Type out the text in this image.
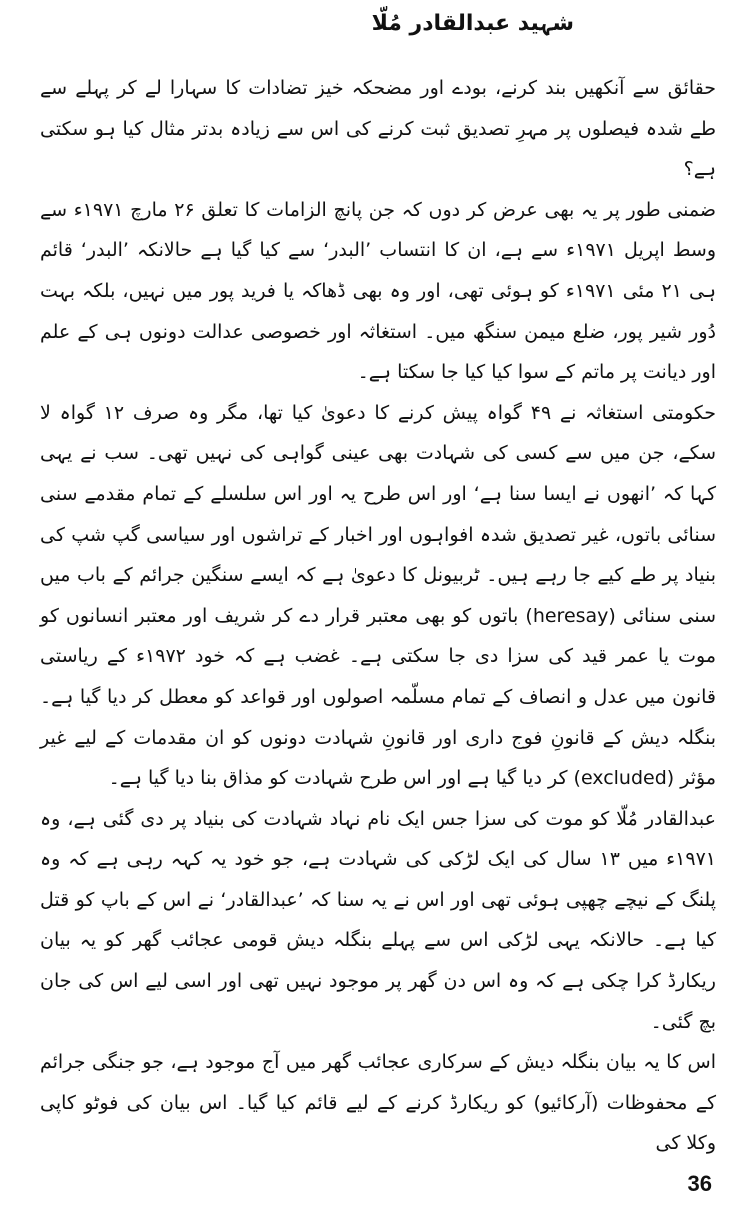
شہید عبدالقادر مُلّا

حقائق سے آنکھیں بند کرنے، بودے اور مضحکہ خیز تضادات کا سہارا لے کر پہلے سے طے شدہ فیصلوں پر مہرِ تصدیق ثبت کرنے کی اس سے زیادہ بدتر مثال کیا ہو سکتی ہے؟

ضمنی طور پر یہ بھی عرض کر دوں کہ جن پانچ الزامات کا تعلق ۲۶ مارچ ۱۹۷۱ء سے وسط اپریل ۱۹۷۱ء سے ہے، ان کا انتساب ’البدر‘ سے کیا گیا ہے حالانکہ ’البدر‘ قائم ہی ۲۱ مئی ۱۹۷۱ء کو ہوئی تھی، اور وہ بھی ڈھاکہ یا فرید پور میں نہیں، بلکہ بہت دُور شیر پور، ضلع میمن سنگھ میں۔ استغاثہ اور خصوصی عدالت دونوں ہی کے علم اور دیانت پر ماتم کے سوا کیا کیا جا سکتا ہے۔

حکومتی استغاثہ نے ۴۹ گواہ پیش کرنے کا دعویٰ کیا تھا، مگر وہ صرف ۱۲ گواہ لا سکے، جن میں سے کسی کی شہادت بھی عینی گواہی کی نہیں تھی۔ سب نے یہی کہا کہ ’انھوں نے ایسا سنا ہے‘ اور اس طرح یہ اور اس سلسلے کے تمام مقدمے سنی سنائی باتوں، غیر تصدیق شدہ افواہوں اور اخبار کے تراشوں اور سیاسی گپ شپ کی بنیاد پر طے کیے جا رہے ہیں۔ ٹربیونل کا دعویٰ ہے کہ ایسے سنگین جرائم کے باب میں سنی سنائی (heresay) باتوں کو بھی معتبر قرار دے کر شریف اور معتبر انسانوں کو موت یا عمر قید کی سزا دی جا سکتی ہے۔ غضب ہے کہ خود ۱۹۷۲ء کے ریاستی قانون میں عدل و انصاف کے تمام مسلّمہ اصولوں اور قواعد کو معطل کر دیا گیا ہے۔ بنگلہ دیش کے قانونِ فوج داری اور قانونِ شہادت دونوں کو ان مقدمات کے لیے غیر مؤثر (excluded) کر دیا گیا ہے اور اس طرح شہادت کو مذاق بنا دیا گیا ہے۔

عبدالقادر مُلّا کو موت کی سزا جس ایک نام نہاد شہادت کی بنیاد پر دی گئی ہے، وہ ۱۹۷۱ء میں ۱۳ سال کی ایک لڑکی کی شہادت ہے، جو خود یہ کہہ رہی ہے کہ وہ پلنگ کے نیچے چھپی ہوئی تھی اور اس نے یہ سنا کہ ’عبدالقادر‘ نے اس کے باپ کو قتل کیا ہے۔ حالانکہ یہی لڑکی اس سے پہلے بنگلہ دیش قومی عجائب گھر کو یہ بیان ریکارڈ کرا چکی ہے کہ وہ اس دن گھر پر موجود نہیں تھی اور اسی لیے اس کی جان بچ گئی۔

اس کا یہ بیان بنگلہ دیش کے سرکاری عجائب گھر میں آج موجود ہے، جو جنگی جرائم کے محفوظات (آرکائیو) کو ریکارڈ کرنے کے لیے قائم کیا گیا۔ اس بیان کی فوٹو کاپی وکلا کی

36
